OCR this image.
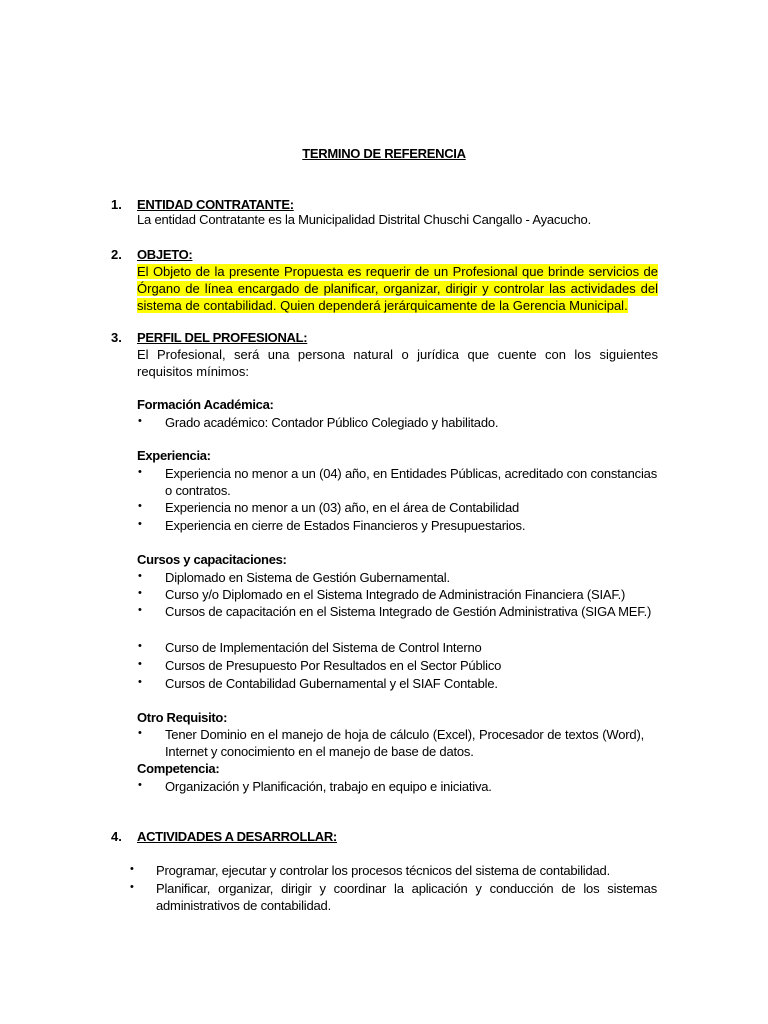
TERMINO DE REFERENCIA
1. ENTIDAD CONTRATANTE:
La entidad Contratante es la Municipalidad Distrital Chuschi Cangallo - Ayacucho.
2. OBJETO:
El Objeto de la presente Propuesta es requerir de un Profesional que brinde servicios de Órgano de línea encargado de planificar, organizar, dirigir y controlar las actividades del sistema de contabilidad. Quien dependerá jerárquicamente de la Gerencia Municipal.
3. PERFIL DEL PROFESIONAL:
El Profesional, será una persona natural o jurídica que cuente con los siguientes requisitos mínimos:
Formación Académica:
• Grado académico: Contador Público Colegiado y habilitado.
Experiencia:
• Experiencia no menor a un (04) año, en Entidades Públicas, acreditado con constancias o contratos.
• Experiencia no menor a un (03) año, en el área de Contabilidad
• Experiencia en cierre de Estados Financieros y Presupuestarios.
Cursos y capacitaciones:
• Diplomado en Sistema de Gestión Gubernamental.
• Curso y/o Diplomado en el Sistema Integrado de Administración Financiera (SIAF.)
• Cursos de capacitación en el Sistema Integrado de Gestión Administrativa (SIGA MEF.)
• Curso de Implementación del Sistema de Control Interno
• Cursos de Presupuesto Por Resultados en el Sector Público
• Cursos de Contabilidad Gubernamental y el SIAF Contable.
Otro Requisito:
• Tener Dominio en el manejo de hoja de cálculo (Excel), Procesador de textos (Word), Internet y conocimiento en el manejo de base de datos.
Competencia:
• Organización y Planificación, trabajo en equipo e iniciativa.
4. ACTIVIDADES A DESARROLLAR:
• Programar, ejecutar y controlar los procesos técnicos del sistema de contabilidad.
• Planificar, organizar, dirigir y coordinar la aplicación y conducción de los sistemas administrativos de contabilidad.
